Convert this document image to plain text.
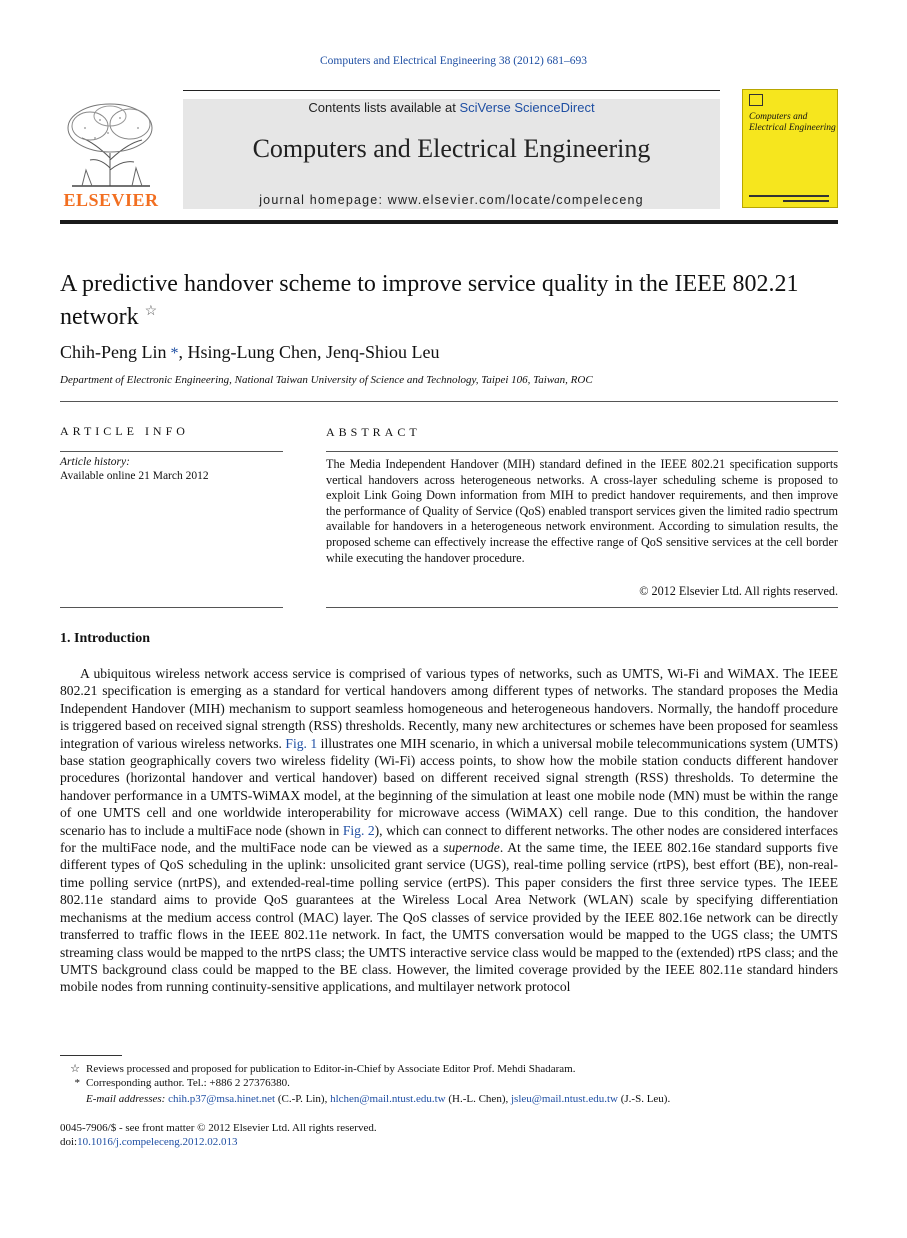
Computers and Electrical Engineering 38 (2012) 681–693
ELSEVIER
Contents lists available at SciVerse ScienceDirect
Computers and Electrical Engineering
journal homepage: www.elsevier.com/locate/compeleceng
Computers and Electrical Engineering
A predictive handover scheme to improve service quality in the IEEE 802.21 network ☆
Chih-Peng Lin *, Hsing-Lung Chen, Jenq-Shiou Leu
Department of Electronic Engineering, National Taiwan University of Science and Technology, Taipei 106, Taiwan, ROC
ARTICLE INFO
Article history:
Available online 21 March 2012
ABSTRACT
The Media Independent Handover (MIH) standard defined in the IEEE 802.21 specification supports vertical handovers across heterogeneous networks. A cross-layer scheduling scheme is proposed to exploit Link Going Down information from MIH to predict handover requirements, and then improve the performance of Quality of Service (QoS) enabled transport services given the limited radio spectrum available for handovers in a heterogeneous network environment. According to simulation results, the proposed scheme can effectively increase the effective range of QoS sensitive services at the cell border while executing the handover procedure.
© 2012 Elsevier Ltd. All rights reserved.
1. Introduction
A ubiquitous wireless network access service is comprised of various types of networks, such as UMTS, Wi-Fi and WiMAX. The IEEE 802.21 specification is emerging as a standard for vertical handovers among different types of networks. The standard proposes the Media Independent Handover (MIH) mechanism to support seamless homogeneous and heterogeneous handovers. Normally, the handoff procedure is triggered based on received signal strength (RSS) thresholds. Recently, many new architectures or schemes have been proposed for seamless integration of various wireless networks. Fig. 1 illustrates one MIH scenario, in which a universal mobile telecommunications system (UMTS) base station geographically covers two wireless fidelity (Wi-Fi) access points, to show how the mobile station conducts different handover procedures (horizontal handover and vertical handover) based on different received signal strength (RSS) thresholds. To determine the handover performance in a UMTS-WiMAX model, at the beginning of the simulation at least one mobile node (MN) must be within the range of one UMTS cell and one worldwide interoperability for microwave access (WiMAX) cell range. Due to this condition, the handover scenario has to include a multiFace node (shown in Fig. 2), which can connect to different networks. The other nodes are considered interfaces for the multiFace node, and the multiFace node can be viewed as a supernode. At the same time, the IEEE 802.16e standard supports five different types of QoS scheduling in the uplink: unsolicited grant service (UGS), real-time polling service (rtPS), best effort (BE), non-real-time polling service (nrtPS), and extended-real-time polling service (ertPS). This paper considers the first three service types. The IEEE 802.11e standard aims to provide QoS guarantees at the Wireless Local Area Network (WLAN) scale by specifying differentiation mechanisms at the medium access control (MAC) layer. The QoS classes of service provided by the IEEE 802.16e network can be directly transferred to traffic flows in the IEEE 802.11e network. In fact, the UMTS conversation would be mapped to the UGS class; the UMTS streaming class would be mapped to the nrtPS class; the UMTS interactive service class would be mapped to the (extended) rtPS class; and the UMTS background class could be mapped to the BE class. However, the limited coverage provided by the IEEE 802.11e standard hinders mobile nodes from running continuity-sensitive applications, and multilayer network protocol
☆ Reviews processed and proposed for publication to Editor-in-Chief by Associate Editor Prof. Mehdi Shadaram.
* Corresponding author. Tel.: +886 2 27376380.
E-mail addresses: chih.p37@msa.hinet.net (C.-P. Lin), hlchen@mail.ntust.edu.tw (H.-L. Chen), jsleu@mail.ntust.edu.tw (J.-S. Leu).
0045-7906/$ - see front matter © 2012 Elsevier Ltd. All rights reserved.
doi:10.1016/j.compeleceng.2012.02.013
